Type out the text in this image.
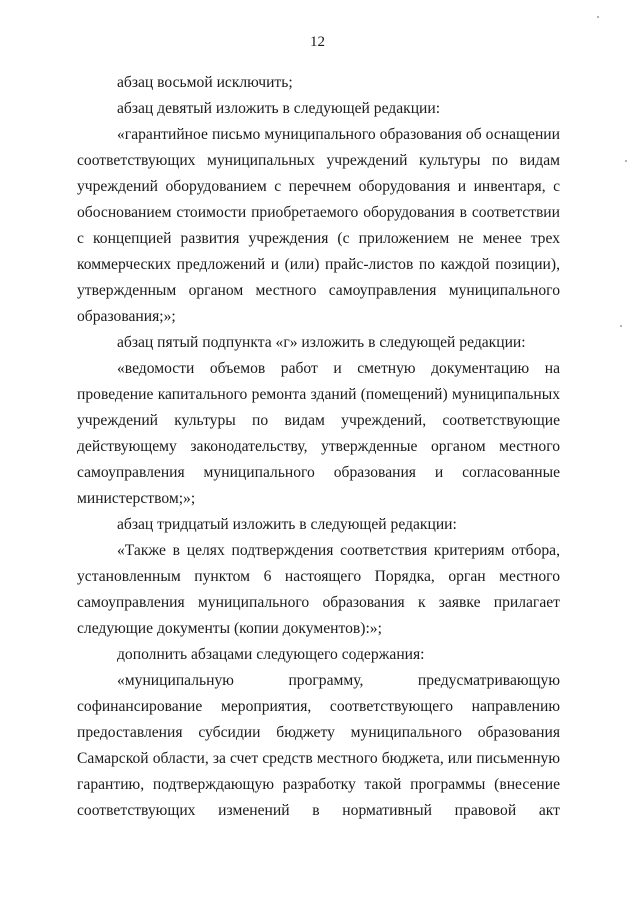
12

абзац восьмой исключить;

абзац девятый изложить в следующей редакции:

«гарантийное письмо муниципального образования об оснащении соответствующих муниципальных учреждений культуры по видам учреждений оборудованием с перечнем оборудования и инвентаря, с обоснованием стоимости приобретаемого оборудования в соответствии с концепцией развития учреждения (с приложением не менее трех коммерческих предложений и (или) прайс-листов по каждой позиции), утвержденным органом местного самоуправления муниципального образования;»;

абзац пятый подпункта «г» изложить в следующей редакции:

«ведомости объемов работ и сметную документацию на проведение капитального ремонта зданий (помещений) муниципальных учреждений культуры по видам учреждений, соответствующие действующему законодательству, утвержденные органом местного самоуправления муниципального образования и согласованные министерством;»;

абзац тридцатый изложить в следующей редакции:

«Также в целях подтверждения соответствия критериям отбора, установленным пунктом 6 настоящего Порядка, орган местного самоуправления муниципального образования к заявке прилагает следующие документы (копии документов):»;

дополнить абзацами следующего содержания:

«муниципальную программу, предусматривающую софинансирование мероприятия, соответствующего направлению предоставления субсидии бюджету муниципального образования Самарской области, за счет средств местного бюджета, или письменную гарантию, подтверждающую разработку такой программы (внесение соответствующих изменений в нормативный правовой акт
